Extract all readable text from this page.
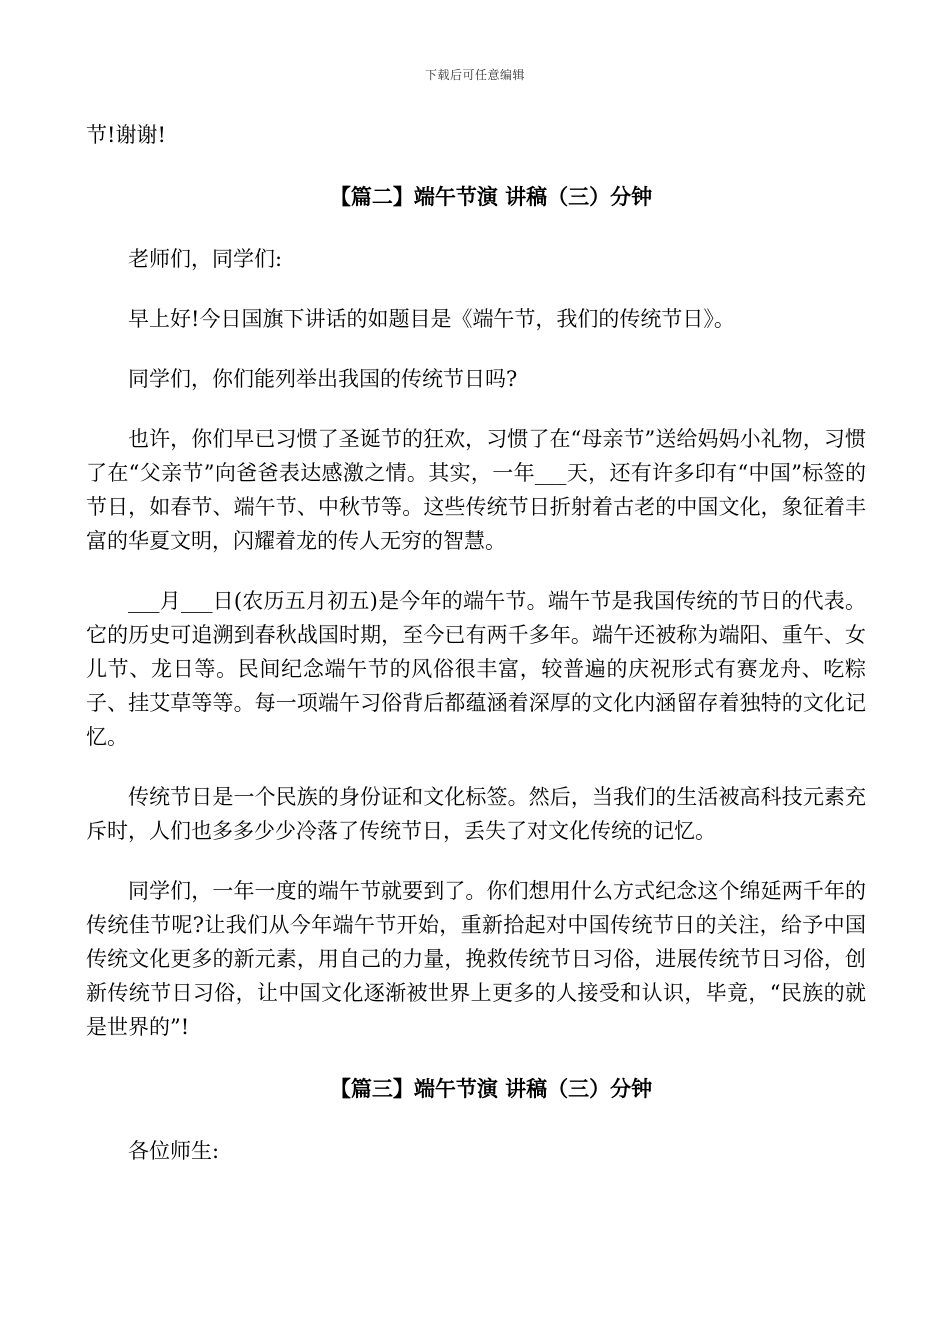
下载后可任意编辑

节!谢谢!

【篇二】端午节演 讲稿（三）分钟

老师们，同学们:

早上好!今日国旗下讲话的如题目是《端午节，我们的传统节日》。

同学们，你们能列举出我国的传统节日吗?

也许，你们早已习惯了圣诞节的狂欢，习惯了在“母亲节”送给妈妈小礼物，习惯了在“父亲节”向爸爸表达感激之情。其实，一年___天，还有许多印有“中国”标签的节日，如春节、端午节、中秋节等。这些传统节日折射着古老的中国文化，象征着丰富的华夏文明，闪耀着龙的传人无穷的智慧。

___月___日(农历五月初五)是今年的端午节。端午节是我国传统的节日的代表。它的历史可追溯到春秋战国时期，至今已有两千多年。端午还被称为端阳、重午、女儿节、龙日等。民间纪念端午节的风俗很丰富，较普遍的庆祝形式有赛龙舟、吃粽子、挂艾草等等。每一项端午习俗背后都蕴涵着深厚的文化内涵留存着独特的文化记忆。

传统节日是一个民族的身份证和文化标签。然后，当我们的生活被高科技元素充斥时，人们也多多少少冷落了传统节日，丢失了对文化传统的记忆。

同学们，一年一度的端午节就要到了。你们想用什么方式纪念这个绵延两千年的传统佳节呢?让我们从今年端午节开始，重新拾起对中国传统节日的关注，给予中国传统文化更多的新元素，用自己的力量，挽救传统节日习俗，进展传统节日习俗，创新传统节日习俗，让中国文化逐渐被世界上更多的人接受和认识，毕竟，“民族的就是世界的”!

【篇三】端午节演 讲稿（三）分钟

各位师生:
